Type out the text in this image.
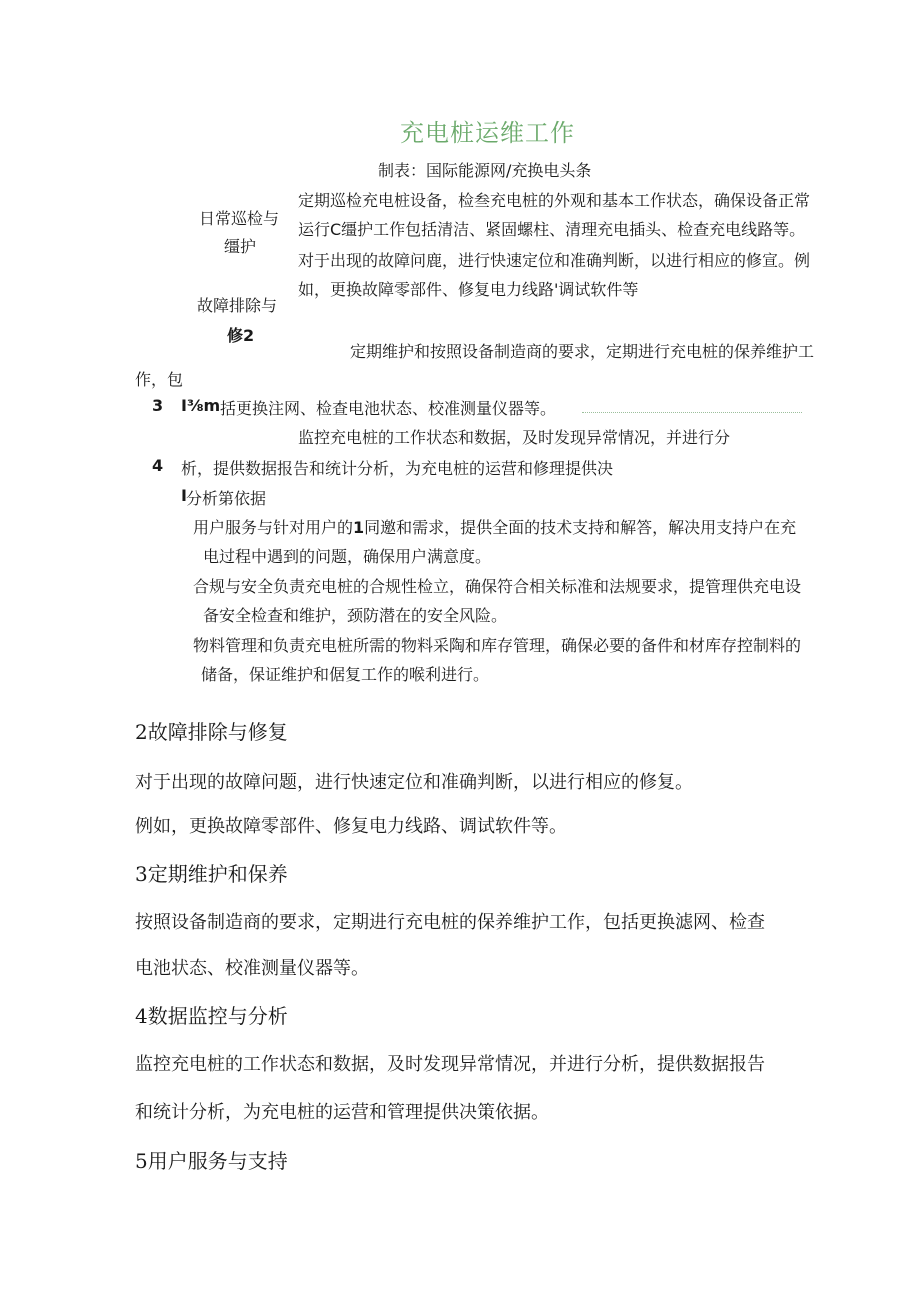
充电桩运维工作
制表：国际能源网/充换电头条
日常巡检与
缰护
故障排除与
修2
定期巡检充电桩设备，检叁充电桩的外观和基本工作状态，确保设备正常
运行C缰护工作包括清洁、紧固螺柱、清理充电插头、检查充电线路等。
对于出现的故障问鹿，进行快速定位和准确判断，以进行相应的修宣。例
如，更换故障零部件、修复电力线路'调试软件等
定期维护和按照设备制造商的要求，定期进行充电桩的保养维护工
作，包
3 I⅜m 括更换注网、检查电池状态、校准测量仪器等。
监控充电桩的工作状态和数据，及时发现异常情况，并进行分
4 析，提供数据报告和统计分析，为充电桩的运营和修理提供决
I 分析第依据
用户服务与针对用户的1同邀和需求，提供全面的技术支持和解答，解决用支持户在充
电过程中遇到的问题，确保用户满意度。
合规与安全负责充电桩的合规性检立，确保符合相关标准和法规要求，提管理供充电设
备安全检查和维护，颈防潜在的安全风险。
物料管理和负责充电桩所需的物料采陶和库存管理，确保必要的备件和材库存控制料的
储备，保证维护和倨复工作的喉利进行。
2故障排除与修复
对于出现的故障问题，进行快速定位和准确判断，以进行相应的修复。
例如，更换故障零部件、修复电力线路、调试软件等。
3定期维护和保养
按照设备制造商的要求，定期进行充电桩的保养维护工作，包括更换滤网、检查
电池状态、校准测量仪器等。
4数据监控与分析
监控充电桩的工作状态和数据，及时发现异常情况，并进行分析，提供数据报告
和统计分析，为充电桩的运营和管理提供决策依据。
5用户服务与支持
